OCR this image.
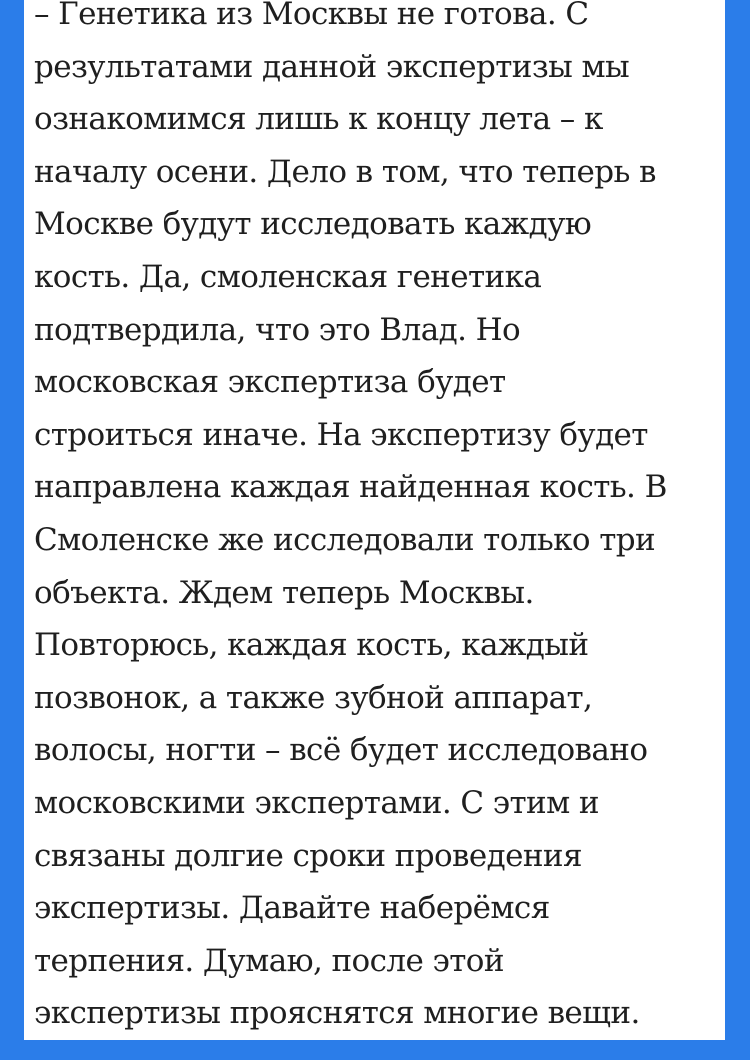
– Генетика из Москвы не готова. С
результатами данной экспертизы мы
ознакомимся лишь к концу лета – к
началу осени. Дело в том, что теперь в
Москве будут исследовать каждую
кость. Да, смоленская генетика
подтвердила, что это Влад. Но
московская экспертиза будет
строиться иначе. На экспертизу будет
направлена каждая найденная кость. В
Смоленске же исследовали только три
объекта. Ждем теперь Москвы.
Повторюсь, каждая кость, каждый
позвонок, а также зубной аппарат,
волосы, ногти – всё будет исследовано
московскими экспертами. С этим и
связаны долгие сроки проведения
экспертизы. Давайте наберёмся
терпения. Думаю, после этой
экспертизы прояснятся многие вещи.
